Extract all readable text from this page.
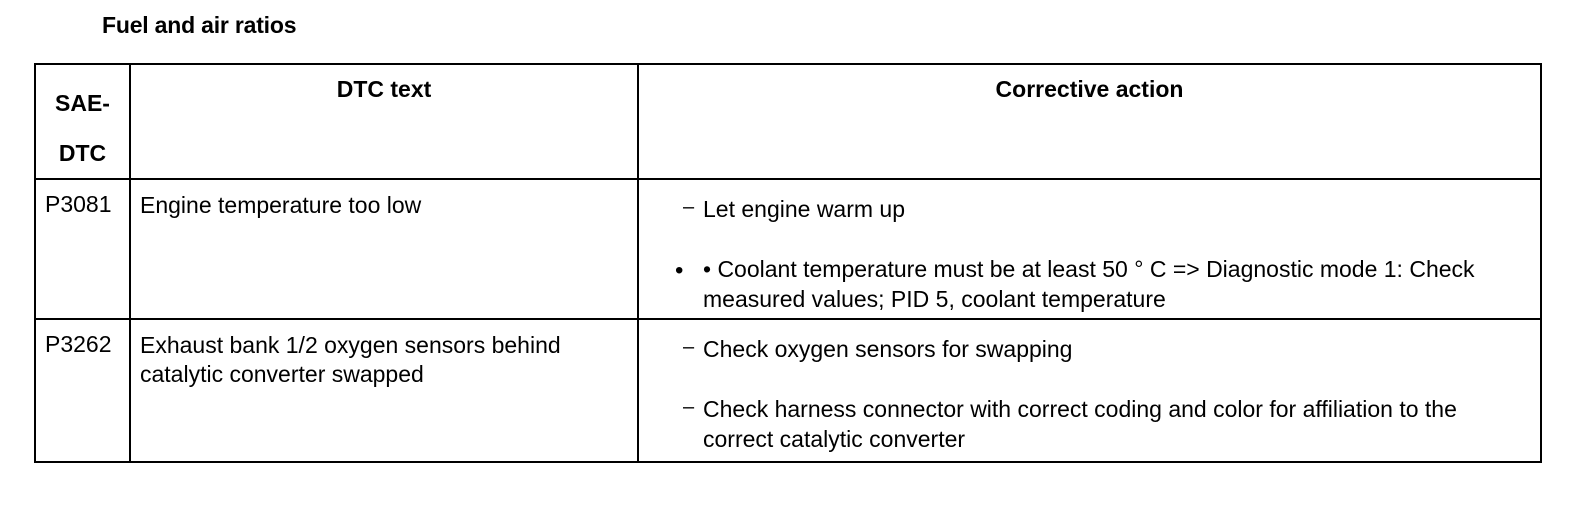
Fuel and air ratios
SAE-
DTC	DTC text	Corrective action
P3081	Engine temperature too low	– Let engine warm up
• • Coolant temperature must be at least 50 ° C => Diagnostic mode 1: Check measured values; PID 5, coolant temperature

P3262	Exhaust bank 1/2 oxygen sensors behind catalytic converter swapped	– Check oxygen sensors for swapping
– Check harness connector with correct coding and color for affiliation to the correct catalytic converter
